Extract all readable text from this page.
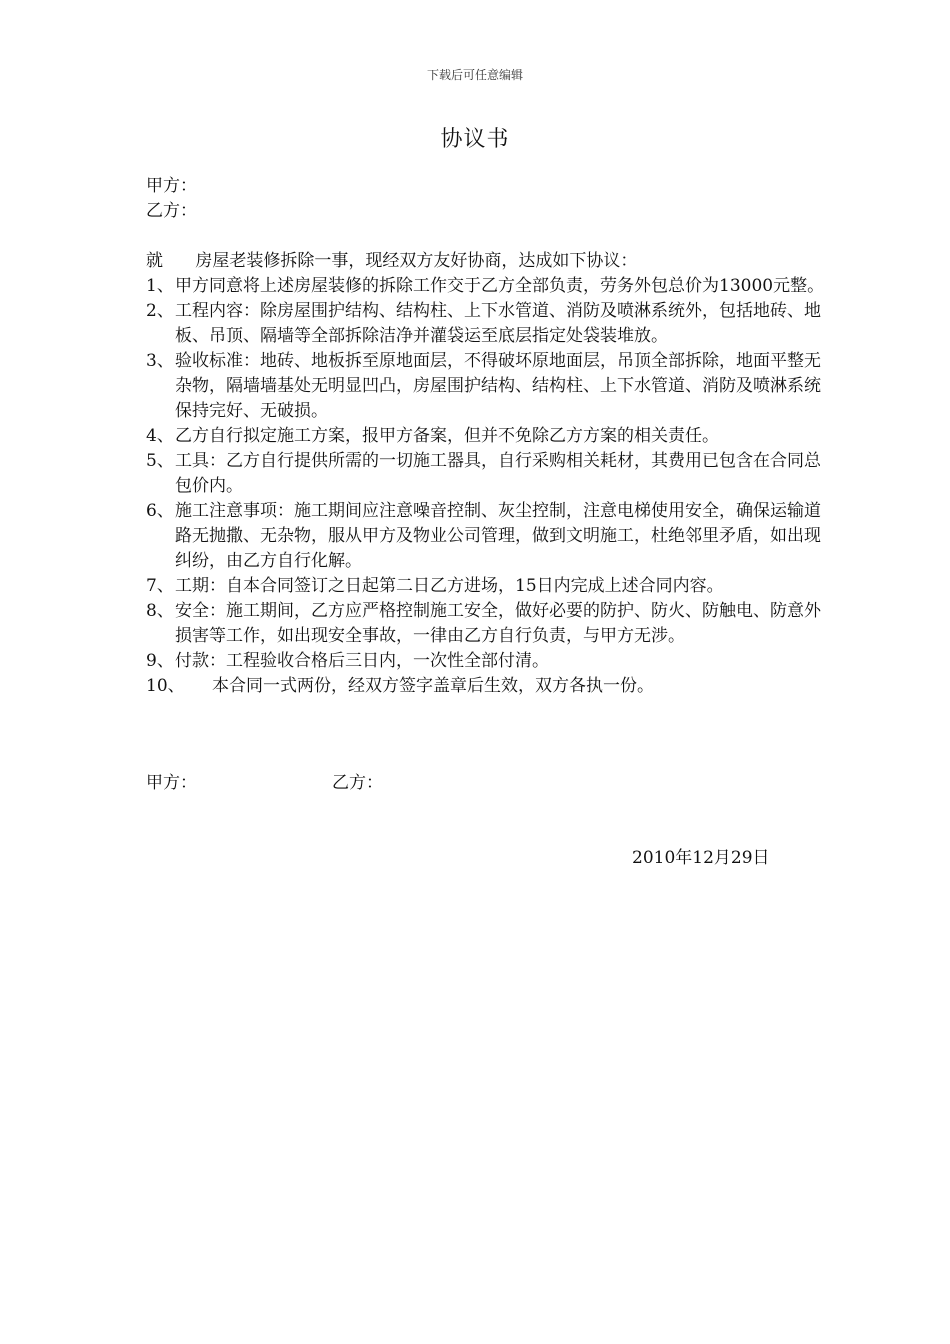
下载后可任意编辑
协议书
甲方：
乙方：
就      房屋老装修拆除一事，现经双方友好协商，达成如下协议：
1、 甲方同意将上述房屋装修的拆除工作交于乙方全部负责，劳务外包总价为13000元整。
2、 工程内容：除房屋围护结构、结构柱、上下水管道、消防及喷淋系统外，包括地砖、地板、吊顶、隔墙等全部拆除洁净并灌袋运至底层指定处袋装堆放。
3、 验收标准：地砖、地板拆至原地面层，不得破坏原地面层，吊顶全部拆除，地面平整无杂物，隔墙墙基处无明显凹凸，房屋围护结构、结构柱、上下水管道、消防及喷淋系统保持完好、无破损。
4、 乙方自行拟定施工方案，报甲方备案，但并不免除乙方方案的相关责任。
5、 工具：乙方自行提供所需的一切施工器具，自行采购相关耗材，其费用已包含在合同总包价内。
6、 施工注意事项：施工期间应注意噪音控制、灰尘控制，注意电梯使用安全，确保运输道路无抛撒、无杂物，服从甲方及物业公司管理，做到文明施工，杜绝邻里矛盾，如出现纠纷，由乙方自行化解。
7、 工期：自本合同签订之日起第二日乙方进场，15日内完成上述合同内容。
8、 安全：施工期间，乙方应严格控制施工安全，做好必要的防护、防火、防触电、防意外损害等工作，如出现安全事故，一律由乙方自行负责，与甲方无涉。
9、 付款：工程验收合格后三日内，一次性全部付清。
10、	本合同一式两份，经双方签字盖章后生效，双方各执一份。
甲方：	乙方：
2010年12月29日
